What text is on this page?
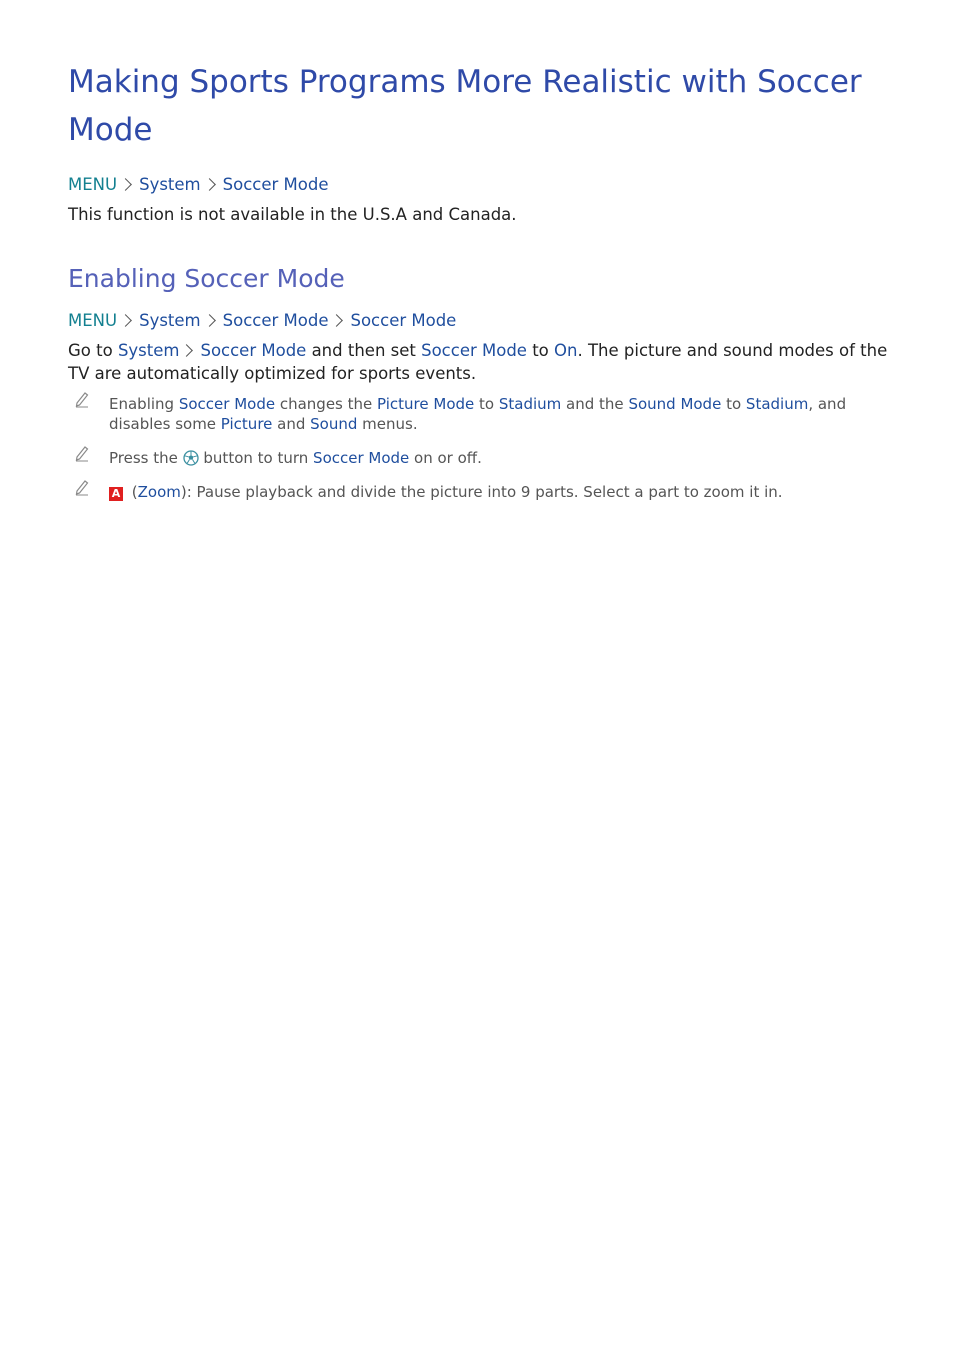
Making Sports Programs More Realistic with Soccer Mode
MENU System Soccer Mode
This function is not available in the U.S.A and Canada.
Enabling Soccer Mode
MENU System Soccer Mode Soccer Mode
Go to System Soccer Mode and then set Soccer Mode to On. The picture and sound modes of the TV are automatically optimized for sports events.
Enabling Soccer Mode changes the Picture Mode to Stadium and the Sound Mode to Stadium, and disables some Picture and Sound menus.
Press the  button to turn Soccer Mode on or off.
A (Zoom): Pause playback and divide the picture into 9 parts. Select a part to zoom it in.
